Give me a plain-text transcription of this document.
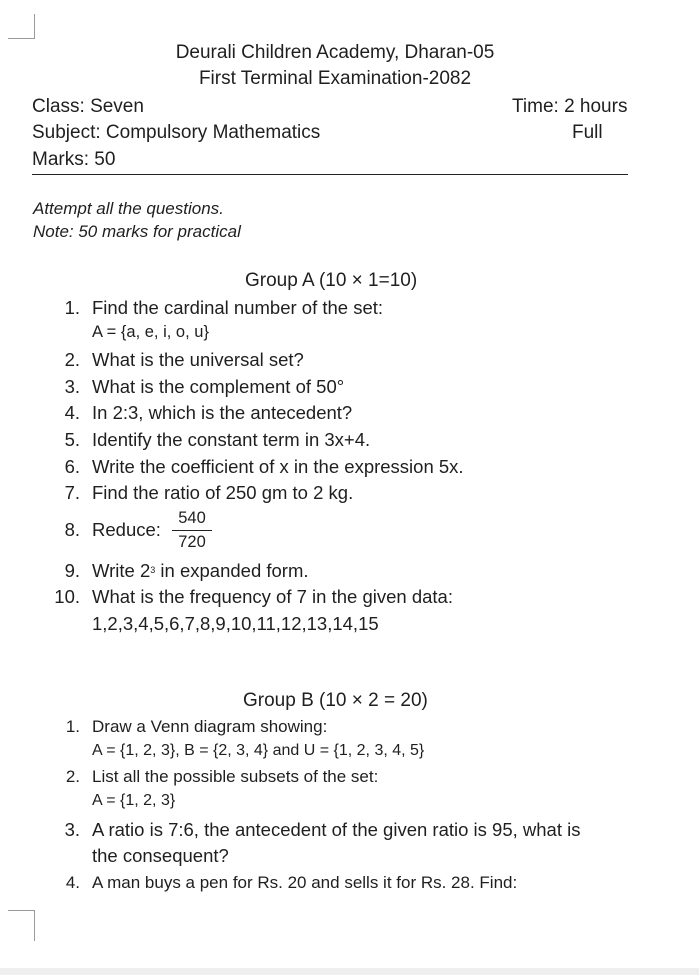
Deurali Children Academy, Dharan-05
First Terminal Examination-2082
Class: Seven
Subject: Compulsory Mathematics
Marks: 50
Time: 2 hours
Full
Attempt all the questions.
Note: 50 marks for practical
Group A (10 × 1=10)
1. Find the cardinal number of the set:
A = {a, e, i, o, u}
2. What is the universal set?
3. What is the complement of 50°
4. In 2:3, which is the antecedent?
5. Identify the constant term in 3x+4.
6. Write the coefficient of x in the expression 5x.
7. Find the ratio of 250 gm to 2 kg.
8. Reduce:
540
720
9. Write $2^3$ in expanded form.
10. What is the frequency of 7 in the given data:
1,2,3,4,5,6,7,8,9,10,11,12,13,14,15
Group B (10 × 2 = 20)
1. Draw a Venn diagram showing:
A = {1, 2, 3}, B = {2, 3, 4} and U = {1, 2, 3, 4, 5}
2. List all the possible subsets of the set:
A = {1, 2, 3}
3. A ratio is 7:6, the antecedent of the given ratio is 95, what is
the consequent?
4. A man buys a pen for Rs. 20 and sells it for Rs. 28. Find:
